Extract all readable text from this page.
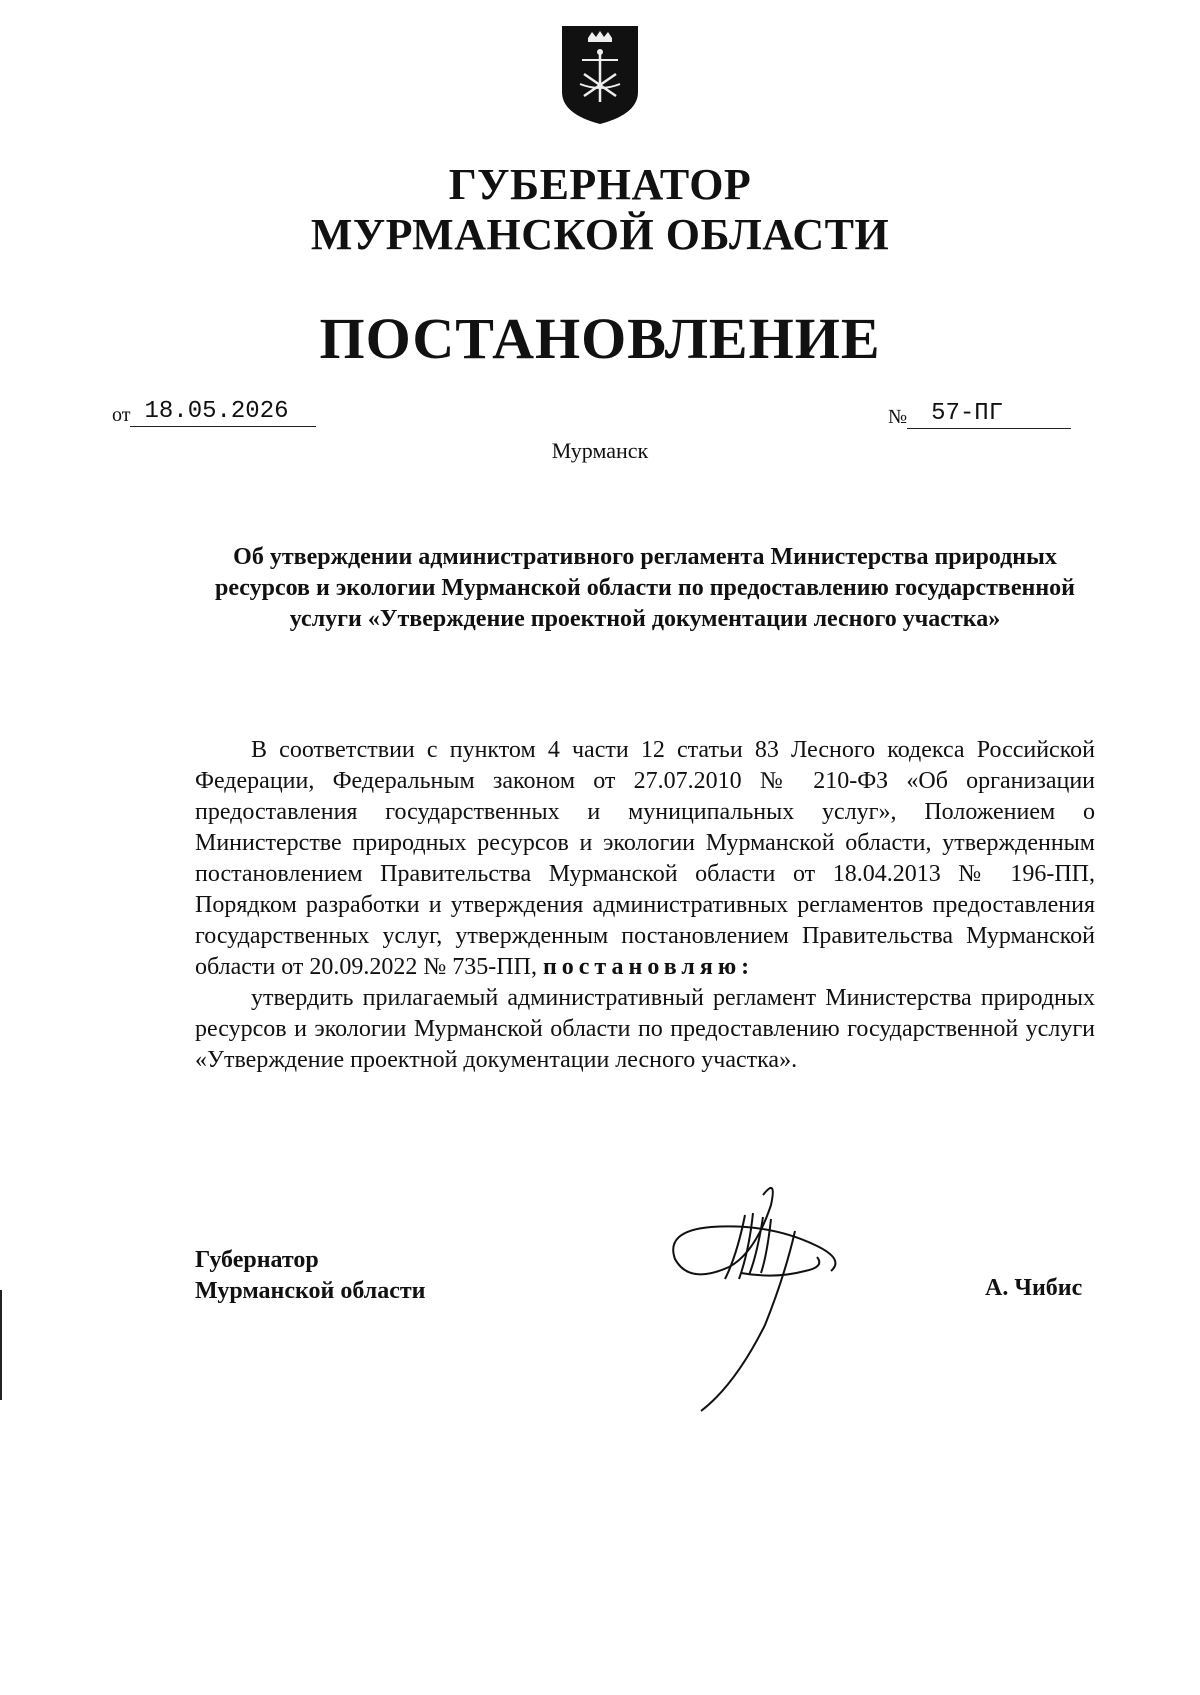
ГУБЕРНАТОР
МУРМАНСКОЙ ОБЛАСТИ
ПОСТАНОВЛЕНИЕ
от 18.05.2026	№ 57-ПГ
Мурманск
Об утверждении административного регламента Министерства природных ресурсов и экологии Мурманской области по предоставлению государственной услуги «Утверждение проектной документации лесного участка»

В соответствии с пунктом 4 части 12 статьи 83 Лесного кодекса Российской Федерации, Федеральным законом от 27.07.2010 № 210-ФЗ «Об организации предоставления государственных и муниципальных услуг», Положением о Министерстве природных ресурсов и экологии Мурманской области, утвержденным постановлением Правительства Мурманской области от 18.04.2013 № 196-ПП, Порядком разработки и утверждения административных регламентов предоставления государственных услуг, утвержденным постановлением Правительства Мурманской области от 20.09.2022 № 735-ПП, постановляю:

утвердить прилагаемый административный регламент Министерства природных ресурсов и экологии Мурманской области по предоставлению государственной услуги «Утверждение проектной документации лесного участка».

Губернатор
Мурманской области	А. Чибис
